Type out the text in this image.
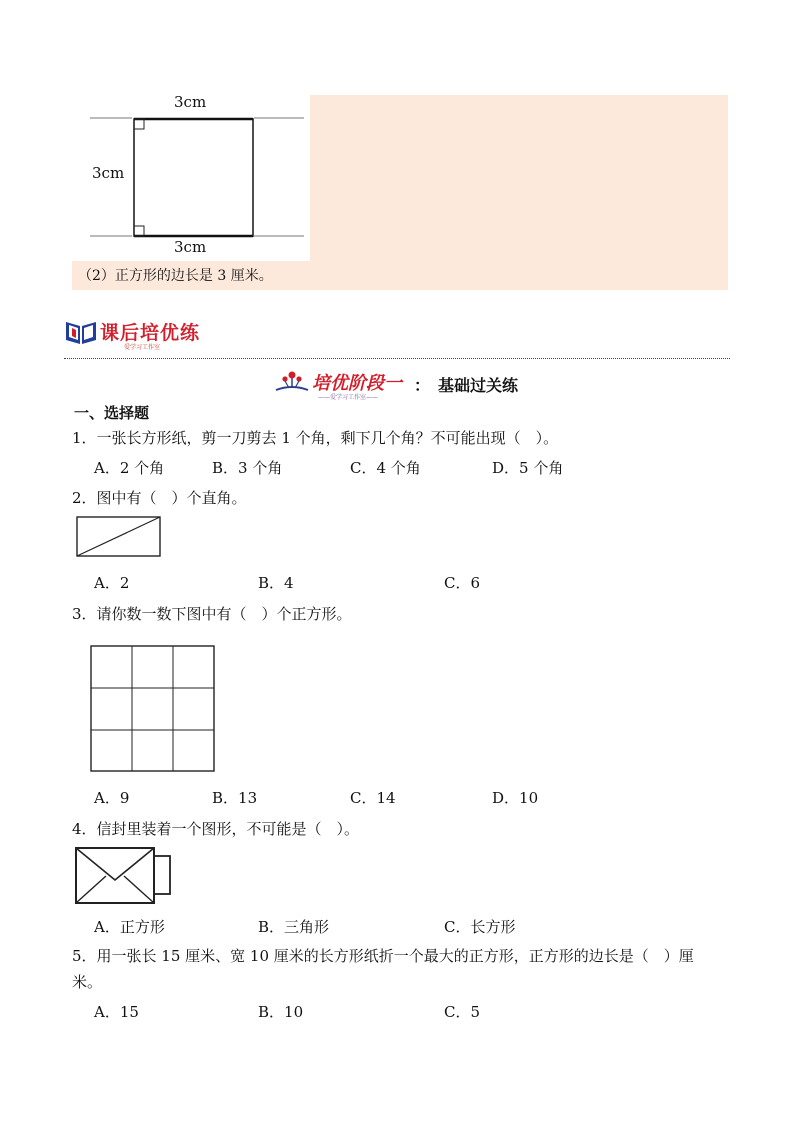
3cm
3cm
3cm
（2）正方形的边长是 3 厘米。
课后培优练
爱学习工作室
培优阶段一 ： 基础过关练
——爱学习工作室——
一、选择题
1．一张长方形纸，剪一刀剪去 1 个角，剩下几个角？不可能出现（　）。
A．2 个角	B．3 个角	C．4 个角	D．5 个角
2．图中有（　）个直角。
A．2	B．4	C．6
3．请你数一数下图中有（　）个正方形。
A．9	B．13	C．14	D．10
4．信封里装着一个图形，不可能是（　）。
A．正方形	B．三角形	C．长方形
5．用一张长 15 厘米、宽 10 厘米的长方形纸折一个最大的正方形，正方形的边长是（　）厘
米。
A．15	B．10	C．5
